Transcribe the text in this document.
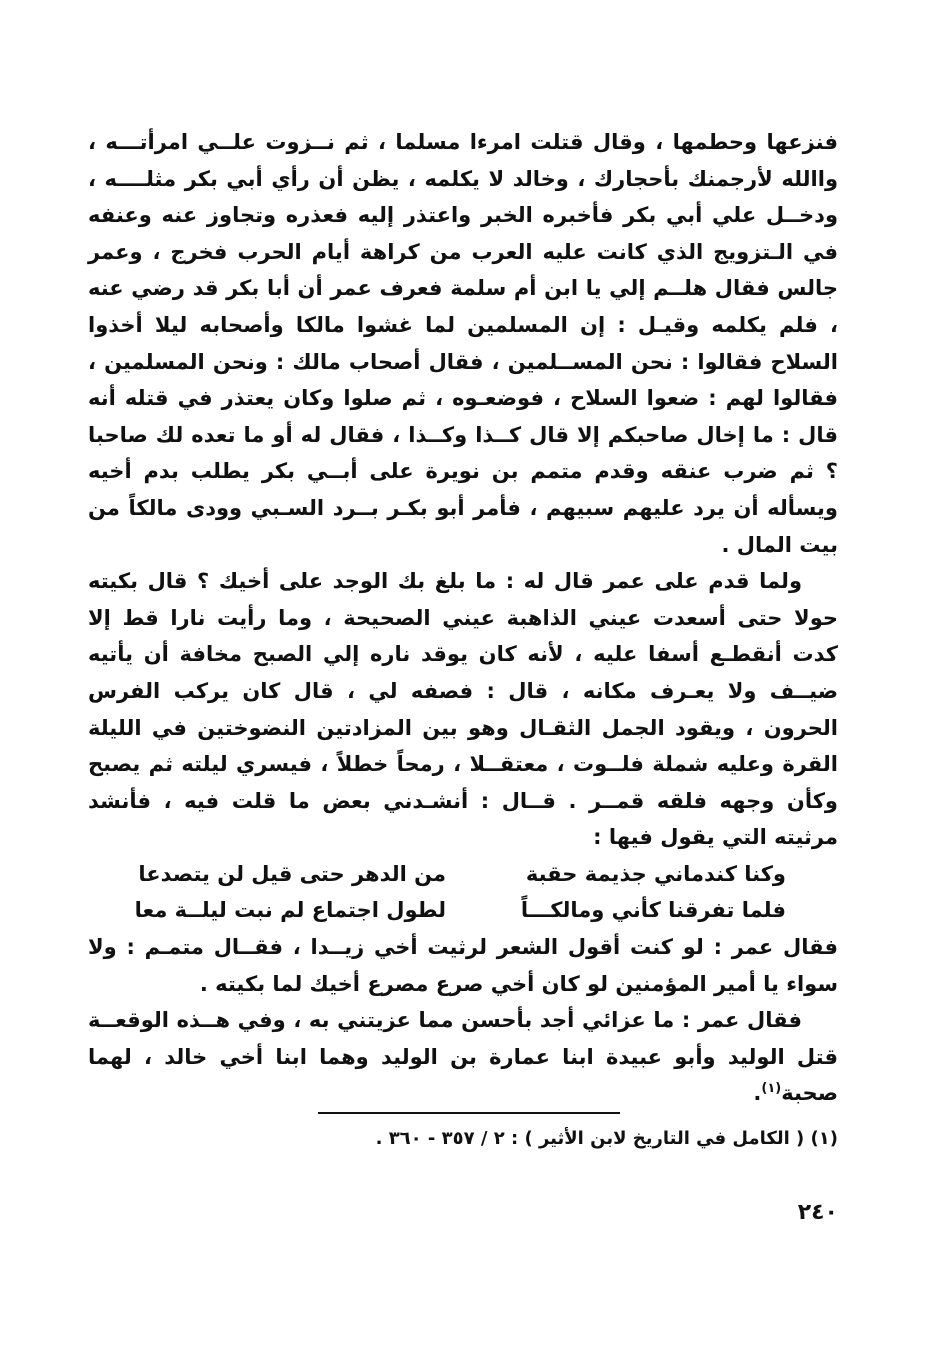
فنزعها وحطمها ، وقال قتلت امرءا مسلما ، ثم نــزوت علــي امرأتـــه ، واالله لأرجمنك بأحجارك ، وخالد لا يكلمه ، يظن أن رأي أبي بكر مثلــــه ، ودخــل علي أبي بكر فأخبره الخبر واعتذر إليه فعذره وتجاوز عنه وعنفه في الـتزويج الذي كانت عليه العرب من كراهة أيام الحرب فخرج ، وعمر جالس فقال هلــم إلي يا ابن أم سلمة فعرف عمر أن أبا بكر قد رضي عنه ، فلم يكلمه وقيـل : إن المسلمين لما غشوا مالكا وأصحابه ليلا أخذوا السلاح فقالوا : نحن المســلمين ، فقال أصحاب مالك : ونحن المسلمين ، فقالوا لهم : ضعوا السلاح ، فوضعـوه ، ثم صلوا وكان يعتذر في قتله أنه قال : ما إخال صاحبكم إلا قال كــذا وكــذا ، فقال له أو ما تعده لك صاحبا ؟ ثم ضرب عنقه وقدم متمم بن نويرة على أبــي بكر يطلب بدم أخيه ويسأله أن يرد عليهم سبيهم ، فأمر أبو بكـر بــرد السـبي وودى مالكاً من بيت المال .

ولما قدم على عمر قال له : ما بلغ بك الوجد على أخيك ؟ قال بكيته حولا حتى أسعدت عيني الذاهبة عيني الصحيحة ، وما رأيت نارا قط إلا كدت أنقطـع أسفا عليه ، لأنه كان يوقد ناره إلي الصبح مخافة أن يأتيه ضيــف ولا يعـرف مكانه ، قال : فصفه لي ، قال كان يركب الفرس الحرون ، ويقود الجمل الثقـال وهو بين المزادتين النضوختين في الليلة القرة وعليه شملة فلــوت ، معتقــلا ، رمحاً خطلاً ، فيسري ليلته ثم يصبح وكأن وجهه فلقه قمــر . قــال : أنشـدني بعض ما قلت فيه ، فأنشد مرثيته التي يقول فيها :

وكنا كندماني جذيمة حقبة
من الدهر حتى قيل لن يتصدعا
فلما تفرقنا كأني ومالكـــاً
لطول اجتماع لم نبت ليلــة معا

فقال عمر : لو كنت أقول الشعر لرثيت أخي زيــدا ، فقــال متمـم : ولا سواء يا أمير المؤمنين لو كان أخي صرع مصرع أخيك لما بكيته .

فقال عمر : ما عزائي أجد بأحسن مما عزيتني به ، وفي هــذه الوقعــة قتل الوليد وأبو عبيدة ابنا عمارة بن الوليد وهما ابنا أخي خالد ، لهما صحبة$^{(١)}$.

(١) ( الكامل في التاريخ لابن الأثير ) : ٢ / ٣٥٧ - ٣٦٠ .
٢٤٠
